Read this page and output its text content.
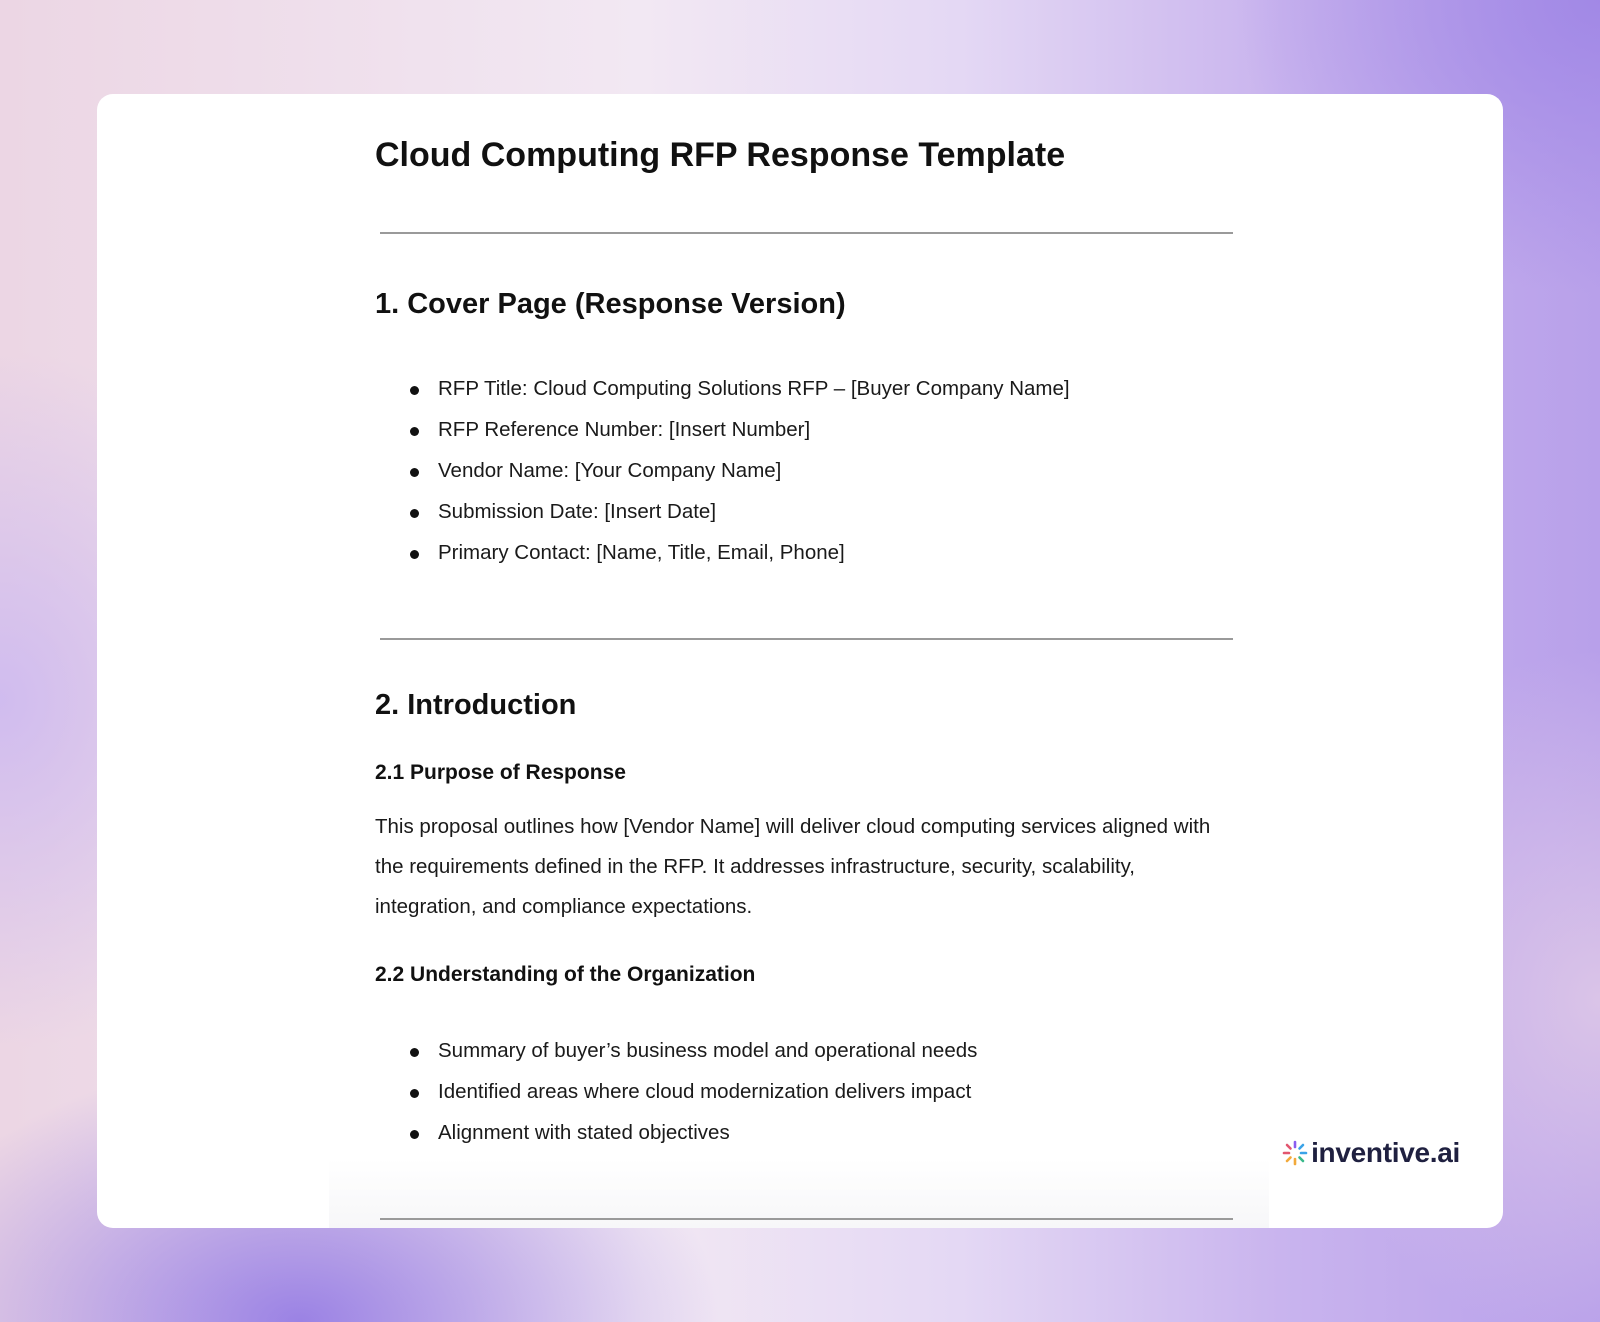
Cloud Computing RFP Response Template
1. Cover Page (Response Version)
RFP Title: Cloud Computing Solutions RFP – [Buyer Company Name]
RFP Reference Number: [Insert Number]
Vendor Name: [Your Company Name]
Submission Date: [Insert Date]
Primary Contact: [Name, Title, Email, Phone]
2. Introduction
2.1 Purpose of Response

This proposal outlines how [Vendor Name] will deliver cloud computing services aligned with the requirements defined in the RFP. It addresses infrastructure, security, scalability, integration, and compliance expectations.

2.2 Understanding of the Organization
Summary of buyer’s business model and operational needs
Identified areas where cloud modernization delivers impact
Alignment with stated objectives
inventive.ai
